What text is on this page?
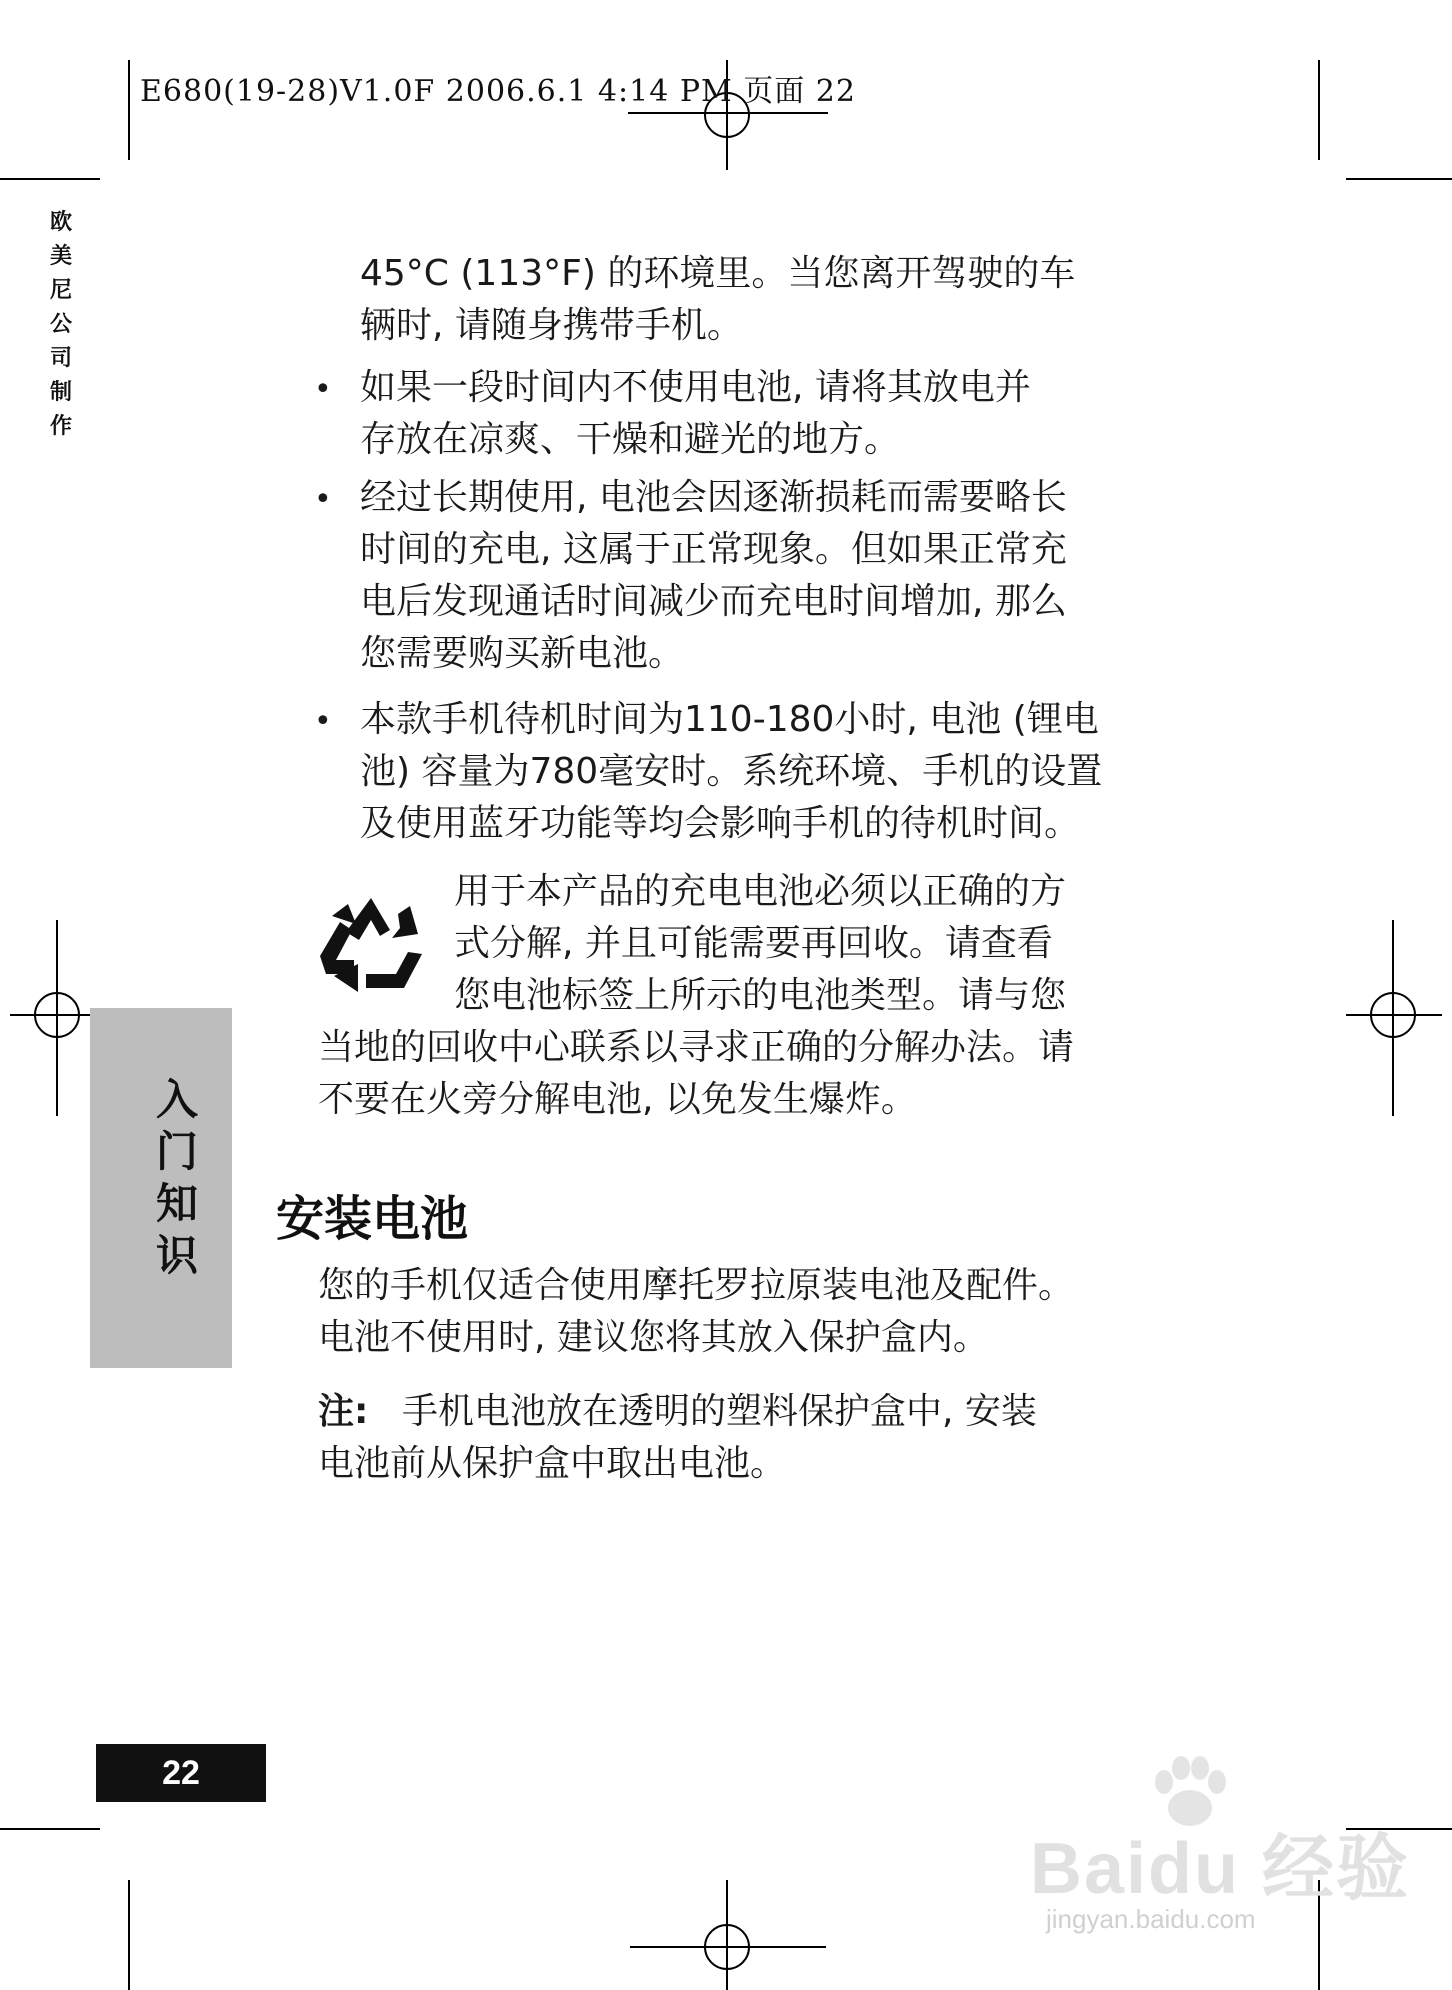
E680(19-28)V1.0F 2006.6.1 4:14 PM 页面 22
欧美尼公司制作
45°C (113°F) 的环境里。当您离开驾驶的车
辆时, 请随身携带手机。
• 如果一段时间内不使用电池, 请将其放电并
存放在凉爽、干燥和避光的地方。
• 经过长期使用, 电池会因逐渐损耗而需要略长
时间的充电, 这属于正常现象。但如果正常充
电后发现通话时间减少而充电时间增加, 那么
您需要购买新电池。
• 本款手机待机时间为110-180小时, 电池 (锂电
池) 容量为780毫安时。系统环境、手机的设置
及使用蓝牙功能等均会影响手机的待机时间。
用于本产品的充电电池必须以正确的方
式分解, 并且可能需要再回收。请查看
您电池标签上所示的电池类型。请与您
当地的回收中心联系以寻求正确的分解办法。请
不要在火旁分解电池, 以免发生爆炸。
入门知识
安装电池
您的手机仅适合使用摩托罗拉原装电池及配件。
电池不使用时, 建议您将其放入保护盒内。
注: 手机电池放在透明的塑料保护盒中, 安装
电池前从保护盒中取出电池。
22
Baidu 经验
jingyan.baidu.com
